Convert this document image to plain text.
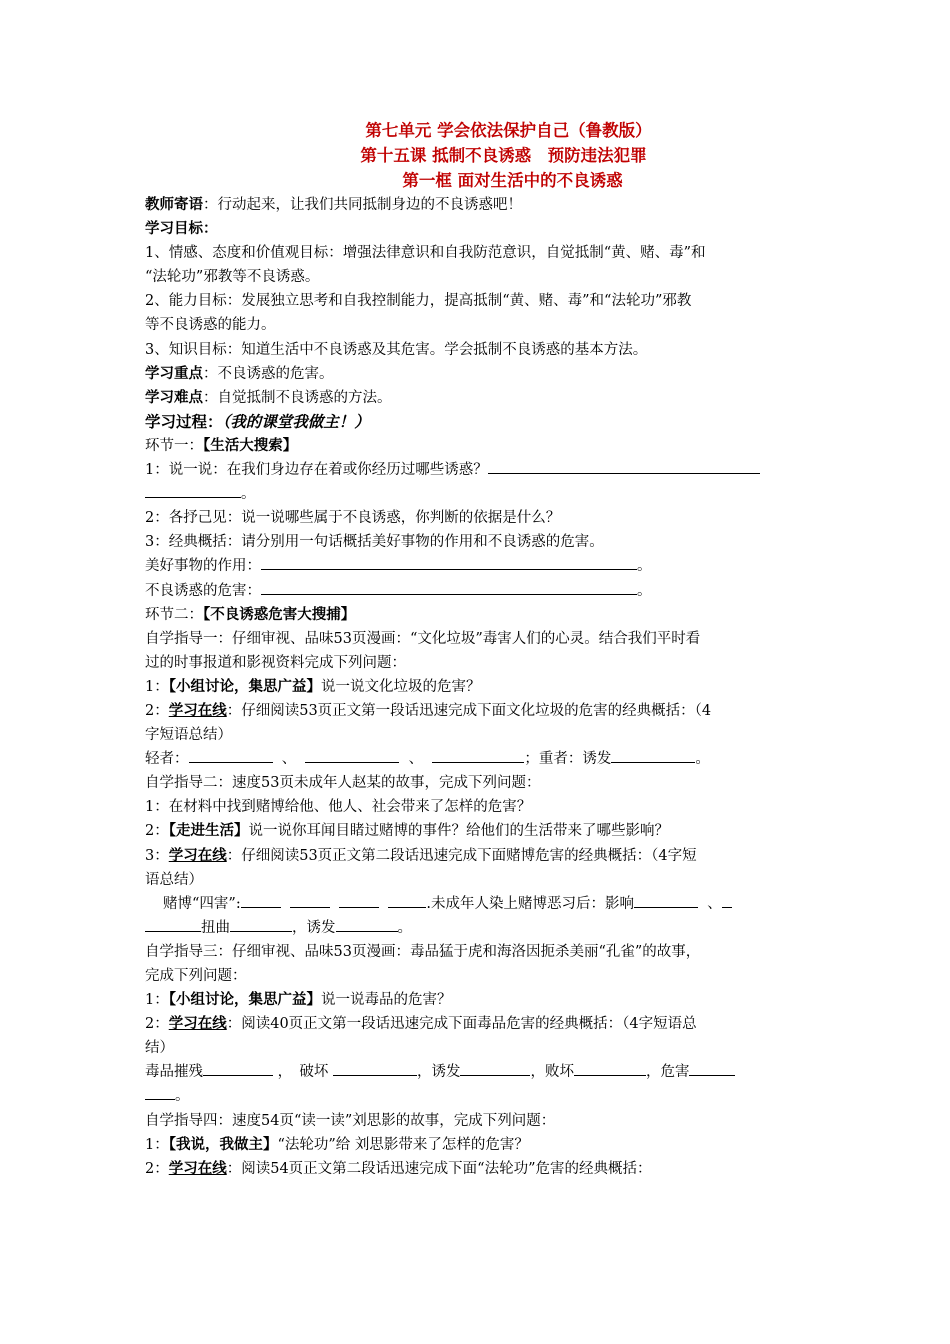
第七单元 学会依法保护自己（鲁教版）
第十五课 抵制不良诱惑　预防违法犯罪
第一框 面对生活中的不良诱惑
教师寄语：行动起来，让我们共同抵制身边的不良诱惑吧！
学习目标：
1、情感、态度和价值观目标：增强法律意识和自我防范意识，自觉抵制“黄、赌、毒”和
“法轮功”邪教等不良诱惑。
2、能力目标：发展独立思考和自我控制能力，提高抵制“黄、赌、毒”和“法轮功”邪教
等不良诱惑的能力。
3、知识目标：知道生活中不良诱惑及其危害。学会抵制不良诱惑的基本方法。
学习重点：不良诱惑的危害。
学习难点：自觉抵制不良诱惑的方法。
学习过程：（我的课堂我做主！）
环节一：【生活大搜索】
1：说一说：在我们身边存在着或你经历过哪些诱惑？
。
2：各抒己见：说一说哪些属于不良诱惑，你判断的依据是什么？
3：经典概括：请分别用一句话概括美好事物的作用和不良诱惑的危害。
美好事物的作用：	。
不良诱惑的危害：	。
环节二：【不良诱惑危害大搜捕】
自学指导一：仔细审视、品味53页漫画：“文化垃圾”毒害人们的心灵。结合我们平时看
过的时事报道和影视资料完成下列问题：
1：【小组讨论，集思广益】说一说文化垃圾的危害？
2：学习在线：仔细阅读53页正文第一段话迅速完成下面文化垃圾的危害的经典概括：（4
字短语总结）
轻者：	、	、	；重者：诱发	。
自学指导二：速度53页未成年人赵某的故事，完成下列问题：
1：在材料中找到赌博给他、他人、社会带来了怎样的危害？
2：【走进生活】说一说你耳闻目睹过赌博的事件？给他们的生活带来了哪些影响？
3：学习在线：仔细阅读53页正文第二段话迅速完成下面赌博危害的经典概括：（4字短
语总结）
赌博“四害”:	.未成年人染上赌博恶习后：影响	、
扭曲	，诱发	。
自学指导三：仔细审视、品味53页漫画：毒品猛于虎和海洛因扼杀美丽“孔雀”的故事，
完成下列问题：
1：【小组讨论，集思广益】说一说毒品的危害？
2：学习在线：阅读40页正文第一段话迅速完成下面毒品危害的经典概括：（4字短语总
结）
毒品摧残	，　破坏	，诱发	，败坏	，危害
。
自学指导四：速度54页“读一读”刘思影的故事，完成下列问题：
1：【我说，我做主】“法轮功”给 刘思影带来了怎样的危害？
2：学习在线：阅读54页正文第二段话迅速完成下面“法轮功”危害的经典概括：
